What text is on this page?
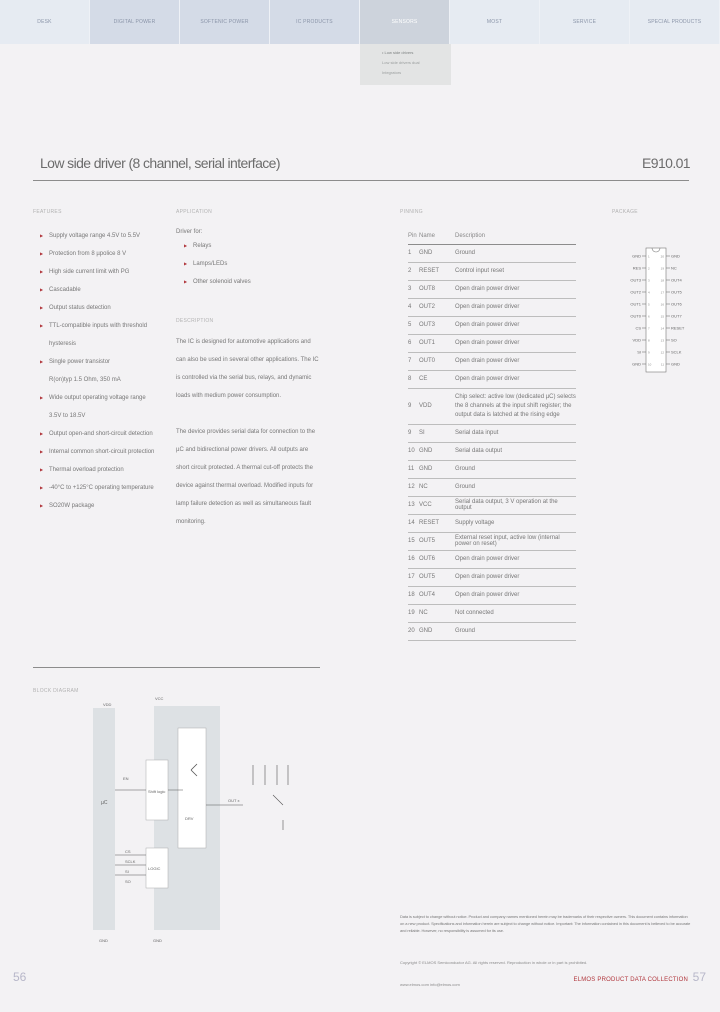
DESK	DIGITAL POWER	SOFTENIC POWER	IC PRODUCTS	SENSORS	MOST	SERVICE	SPECIAL PRODUCTS
• Low side drivers
Low side drivers dual
Integrators
Low side driver (8 channel, serial interface)	E910.01
FEATURES
▶ Supply voltage range 4.5V to 5.5V
▶ Protection from 8 µpolice 8 V
▶ High side current limit with PG
▶ Cascadable
▶ Output status detection
▶ TTL-compatible inputs with threshold
hysteresis
▶ Single power transistor
R(on)typ 1.5 Ohm, 350 mA
▶ Wide output operating voltage range
3.5V to 18.5V
▶ Output open-and short-circuit detection
▶ Internal common short-circuit protection
▶ Thermal overload protection
▶ -40°C to +125°C operating temperature
▶ SO20W package
APPLICATION
Driver for:
▶ Relays
▶ Lamps/LEDs
▶ Other solenoid valves
DESCRIPTION

The IC is designed for automotive applications and can also be used in several other applications. The IC is controlled via the serial bus, relays, and dynamic loads with medium power consumption.

The device provides serial data for connection to the µC and bidirectional power drivers. All outputs are short circuit protected. A thermal cut-off protects the device against thermal overload. Modified inputs for lamp failure detection as well as simultaneous fault monitoring.

PINNING
Pin	Name	Description
1	GND	Ground
2	RESET	Control input reset
3	OUT8	Open drain power driver
4	OUT2	Open drain power driver
5	OUT3	Open drain power driver
6	OUT1	Open drain power driver
7	OUT0	Open drain power driver
8	CE	Open drain power driver
9	VDD	Chip select: active low (dedicated µC) selects the 8 channels at the input shift register; the output data is latched at the rising edge
9	SI	Serial data input
10	GND	Serial data output
11	GND	Ground
12	NC	Ground
13	VCC	Serial data output, 3 V operation at the output
14	RESET	Supply voltage
15	OUT5	External reset input, active low (internal power on reset)
16	OUT6	Open drain power driver
17	OUT5	Open drain power driver
18	OUT4	Open drain power driver
19	NC	Not connected
20	GND	Ground
PACKAGE
GND 1
RES 2
OUT3 3
OUT2 4
OUT1 5
OUT0 6
CS 7
VDD 8
SI 9
GND 10
GND
20
NC
19
OUT4
18
OUT5
17
OUT6
16
OUT7
15
RESET
14
SO
13
SCLK
12
GND
11
BLOCK DIAGRAM
VDD
VCC
µC
Shift logic
LOGIC
CS
SCLK
SI
SO
OUT x
DRV
EN
GND	GND
Data is subject to change without notice. Product and company names mentioned herein may be trademarks of their respective owners. This document contains information on a new product. Specifications and information herein are subject to change without notice. Important: The information contained in this document is believed to be accurate and reliable. However, no responsibility is assumed for its use.
Copyright © ELMOS Semiconductor AG. All rights reserved. Reproduction in whole or in part is prohibited.
www.elmos.com info@elmos.com
56	ELMOS PRODUCT DATA COLLECTION 57
